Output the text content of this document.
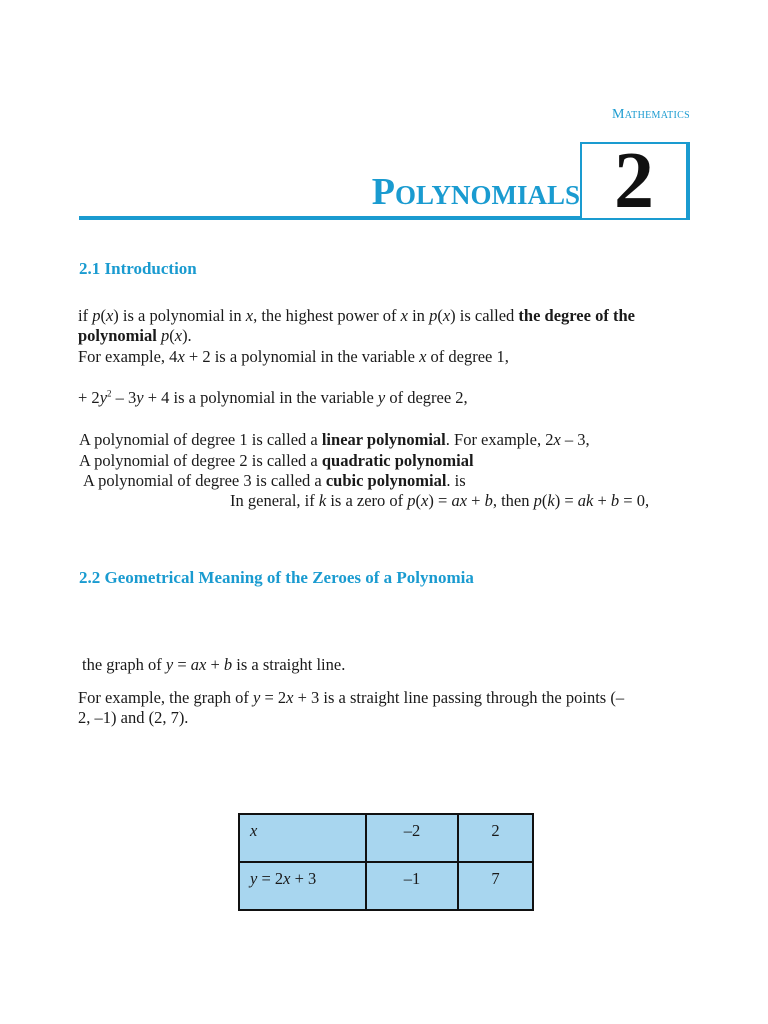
Mathematics
Polynomials 2
2.1 Introduction
if p(x) is a polynomial in x, the highest power of x in p(x) is called the degree of the
polynomial p(x).
For example, 4x + 2 is a polynomial in the variable x of degree 1,
+ $2y^2 - 3y + 4$ is a polynomial in the variable y of degree 2,
A polynomial of degree 1 is called a linear polynomial. For example, 2x – 3,
A polynomial of degree 2 is called a quadratic polynomial
A polynomial of degree 3 is called a cubic polynomial. is
In general, if k is a zero of p(x) = ax + b, then p(k) = ak + b = 0,
2.2 Geometrical Meaning of the Zeroes of a Polynomia
the graph of y = ax + b is a straight line.
For example, the graph of y = 2x + 3 is a straight line passing through the points (–
2, –1) and (2, 7).
x	–2	2
y = 2x + 3	–1	7
